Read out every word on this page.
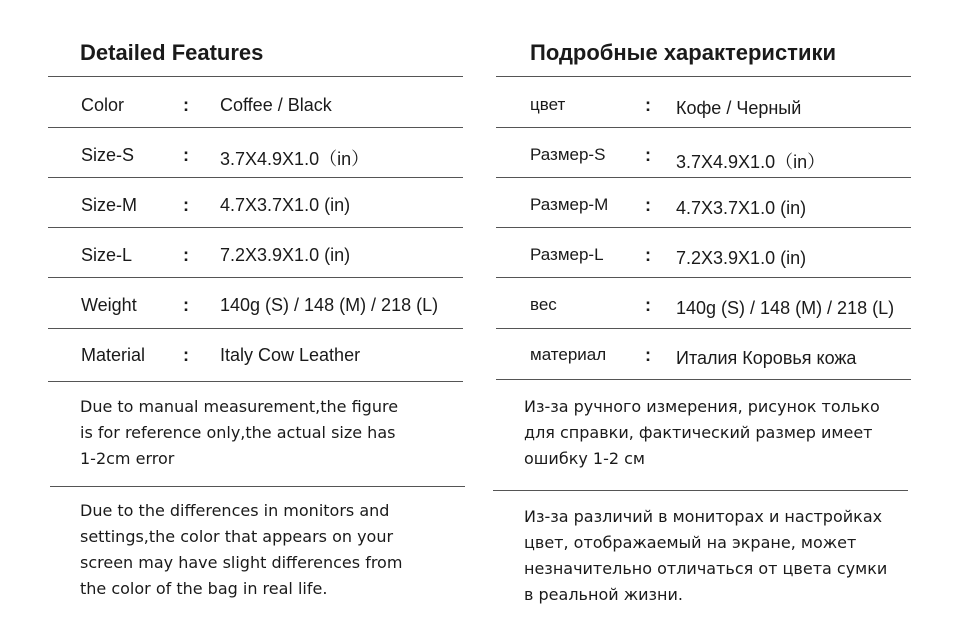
Detailed Features
Color	: Coffee / Black
Size-S	: 3.7X4.9X1.0（in）
Size-M	: 4.7X3.7X1.0 (in)
Size-L	: 7.2X3.9X1.0 (in)
Weight	: 140g (S) / 148 (M) / 218 (L)
Material : Italy Cow Leather
Due to manual measurement,the figure
is for reference only,the actual size has
1-2cm error
Due to the differences in monitors and
settings,the color that appears on your
screen may have slight differences from
the color of the bag in real life.
Подробные характеристики
цвет	: Кофе / Черный
Размер-S : 3.7X4.9X1.0（in）
Размер-M : 4.7X3.7X1.0 (in)
Размер-L : 7.2X3.9X1.0 (in)
вес	: 140g (S) / 148 (M) / 218 (L)
материал : Италия Коровья кожа
Из-за ручного измерения, рисунок только
для справки, фактический размер имеет
ошибку 1-2 см
Из-за различий в мониторах и настройках
цвет, отображаемый на экране, может
незначительно отличаться от цвета сумки
в реальной жизни.
